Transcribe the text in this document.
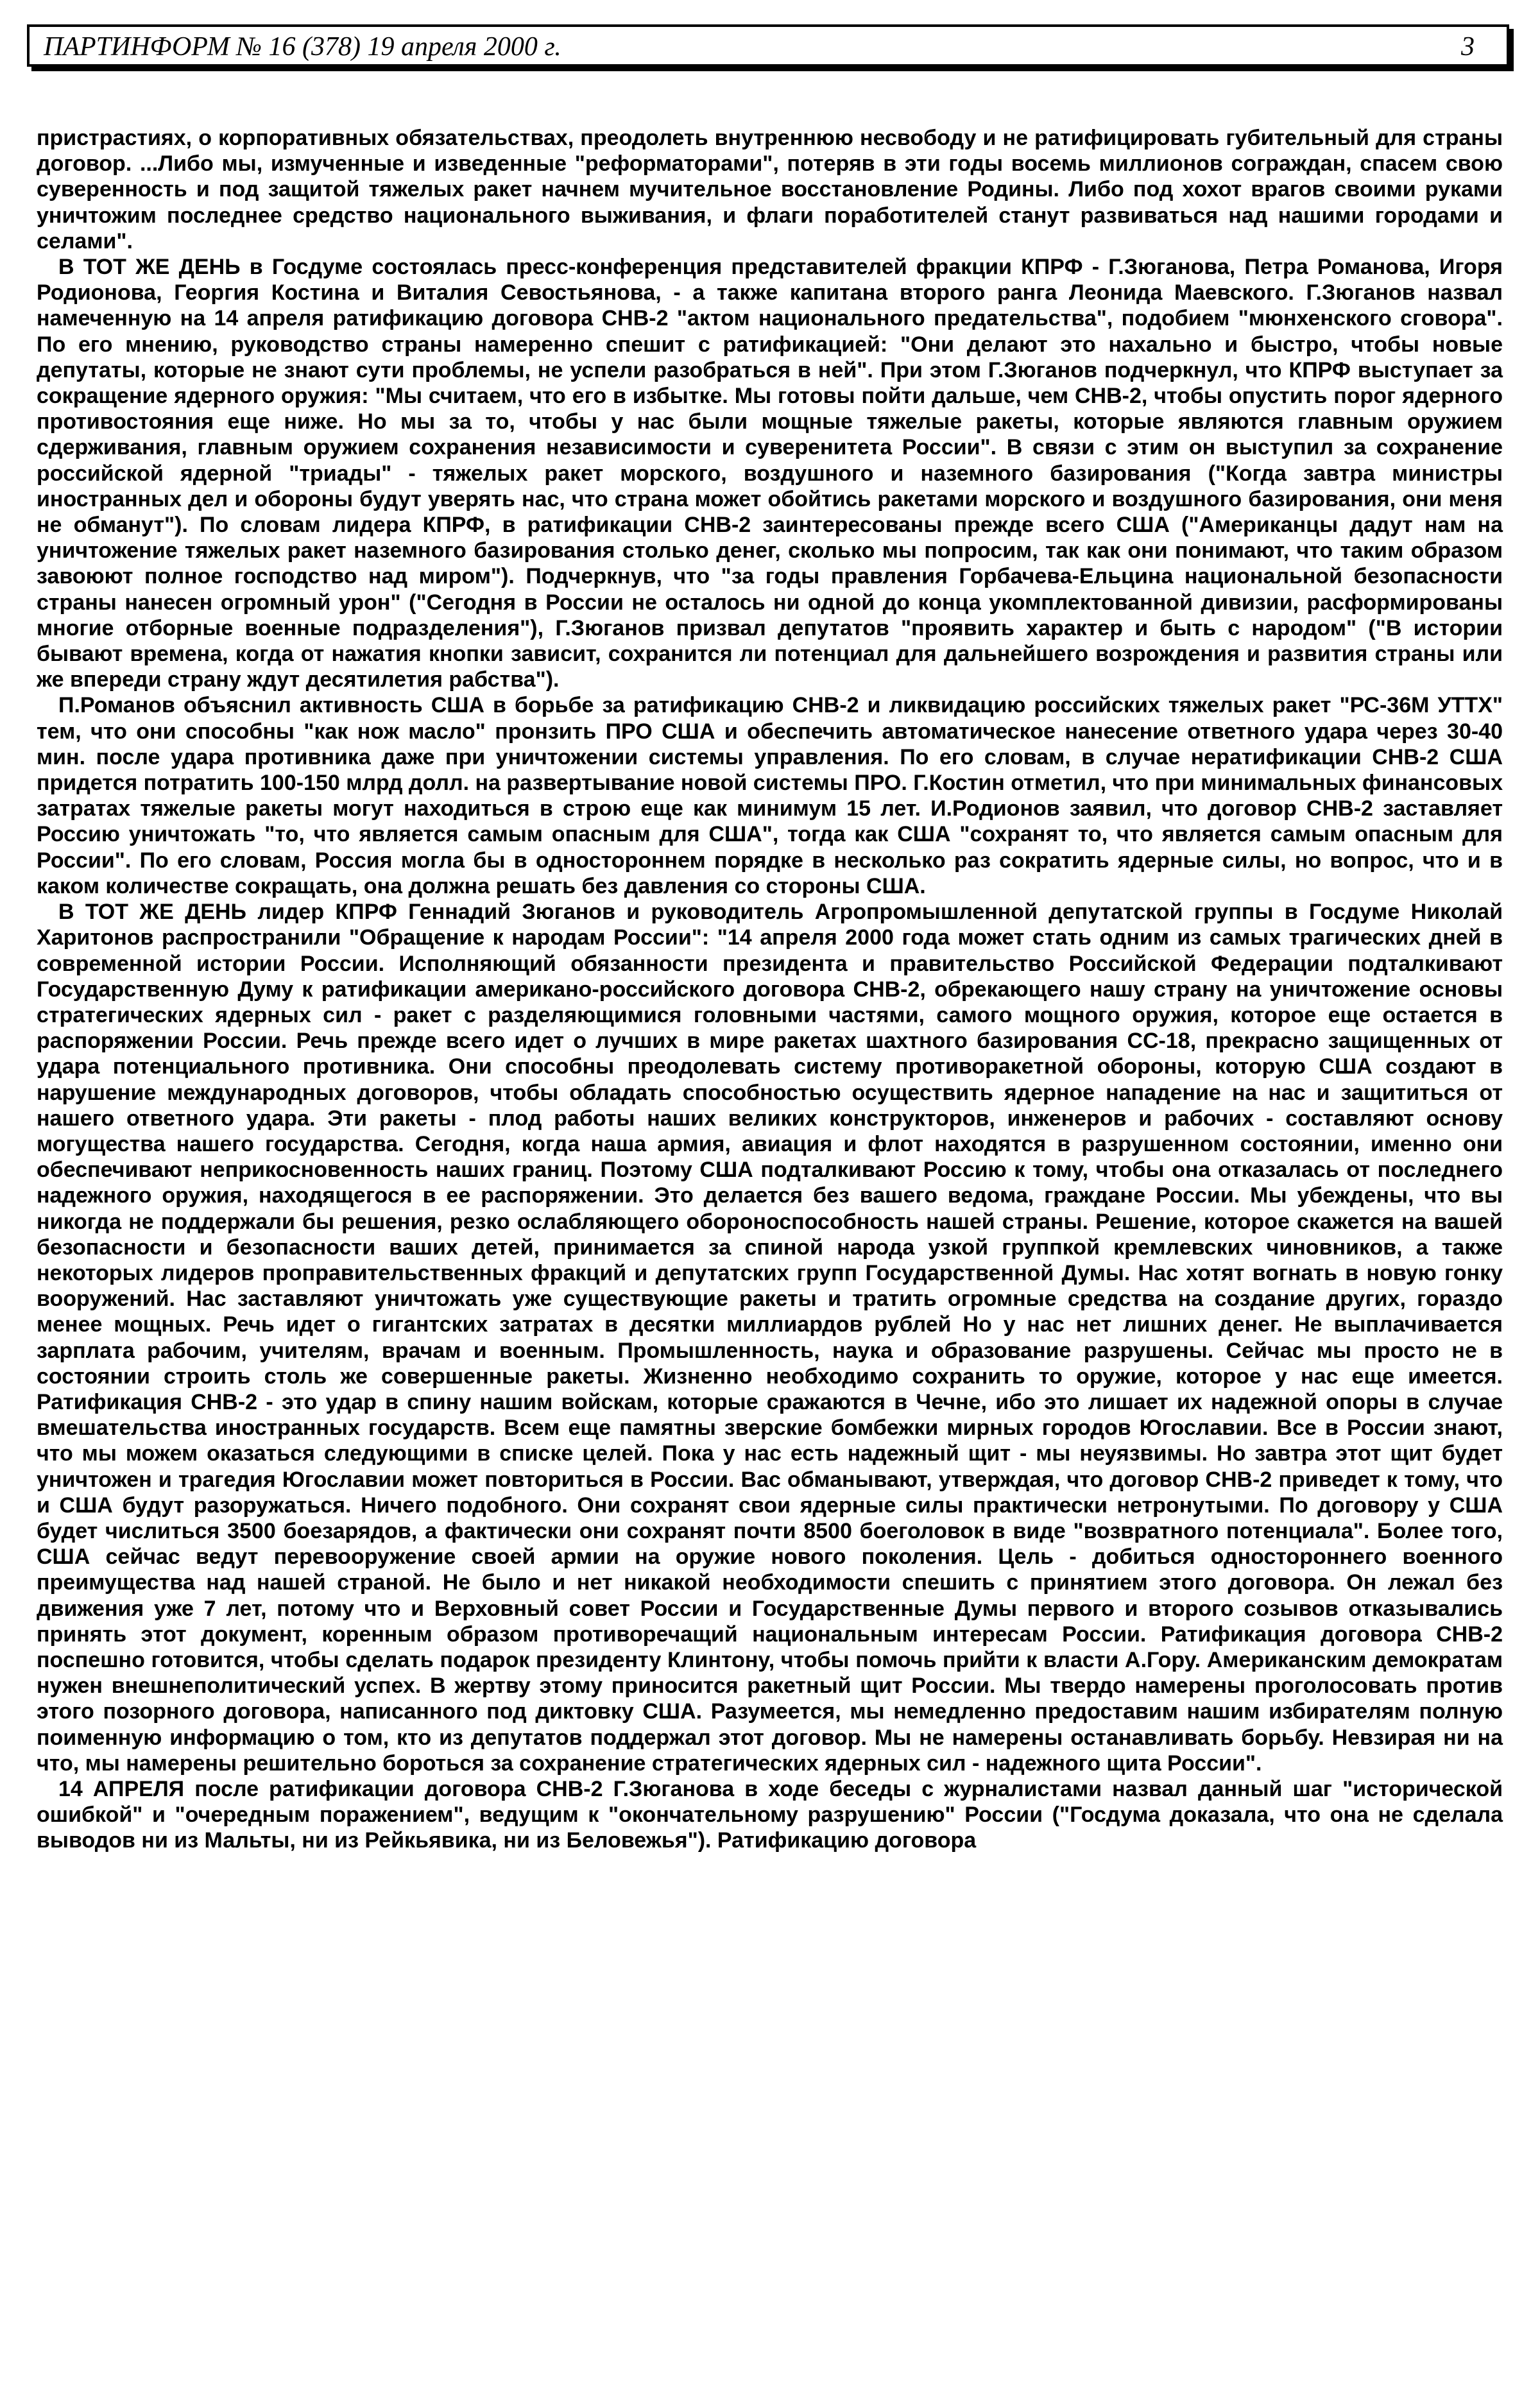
ПАРТИНФОРМ № 16 (378) 19 апреля 2000 г.	3

пристрастиях, о корпоративных обязательствах, преодолеть внутреннюю несвободу и не ратифицировать губительный для страны договор. ...Либо мы, измученные и изведенные "реформаторами", потеряв в эти годы восемь миллионов сограждан, спасем свою суверенность и под защитой тяжелых ракет начнем мучительное восстановление Родины. Либо под хохот врагов своими руками уничтожим последнее средство национального выживания, и флаги поработителей станут развиваться над нашими городами и селами".

В ТОТ ЖЕ ДЕНЬ в Госдуме состоялась пресс-конференция представителей фракции КПРФ - Г.Зюганова, Петра Романова, Игоря Родионова, Георгия Костина и Виталия Севостьянова, - а также капитана второго ранга Леонида Маевского. Г.Зюганов назвал намеченную на 14 апреля ратификацию договора СНВ-2 "актом национального предательства", подобием "мюнхенского сговора". По его мнению, руководство страны намеренно спешит с ратификацией: "Они делают это нахально и быстро, чтобы новые депутаты, которые не знают сути проблемы, не успели разобраться в ней". При этом Г.Зюганов подчеркнул, что КПРФ выступает за сокращение ядерного оружия: "Мы считаем, что его в избытке. Мы готовы пойти дальше, чем СНВ-2, чтобы опустить порог ядерного противостояния еще ниже. Но мы за то, чтобы у нас были мощные тяжелые ракеты, которые являются главным оружием сдерживания, главным оружием сохранения независимости и суверенитета России". В связи с этим он выступил за сохранение российской ядерной "триады" - тяжелых ракет морского, воздушного и наземного базирования ("Когда завтра министры иностранных дел и обороны будут уверять нас, что страна может обойтись ракетами морского и воздушного базирования, они меня не обманут"). По словам лидера КПРФ, в ратификации СНВ-2 заинтересованы прежде всего США ("Американцы дадут нам на уничтожение тяжелых ракет наземного базирования столько денег, сколько мы попросим, так как они понимают, что таким образом завоюют полное господство над миром"). Подчеркнув, что "за годы правления Горбачева-Ельцина национальной безопасности страны нанесен огромный урон" ("Сегодня в России не осталось ни одной до конца укомплектованной дивизии, расформированы многие отборные военные подразделения"), Г.Зюганов призвал депутатов "проявить характер и быть с народом" ("В истории бывают времена, когда от нажатия кнопки зависит, сохранится ли потенциал для дальнейшего возрождения и развития страны или же впереди страну ждут десятилетия рабства").

П.Романов объяснил активность США в борьбе за ратификацию СНВ-2 и ликвидацию российских тяжелых ракет "РС-36М УТТХ" тем, что они способны "как нож масло" пронзить ПРО США и обеспечить автоматическое нанесение ответного удара через 30-40 мин. после удара противника даже при уничтожении системы управления. По его словам, в случае нератификации СНВ-2 США придется потратить 100-150 млрд долл. на развертывание новой системы ПРО. Г.Костин отметил, что при минимальных финансовых затратах тяжелые ракеты могут находиться в строю еще как минимум 15 лет. И.Родионов заявил, что договор СНВ-2 заставляет Россию уничтожать "то, что является самым опасным для США", тогда как США "сохранят то, что является самым опасным для России". По его словам, Россия могла бы в одностороннем порядке в несколько раз сократить ядерные силы, но вопрос, что и в каком количестве сокращать, она должна решать без давления со стороны США.

В ТОТ ЖЕ ДЕНЬ лидер КПРФ Геннадий Зюганов и руководитель Агропромышленной депутатской группы в Госдуме Николай Харитонов распространили "Обращение к народам России": "14 апреля 2000 года может стать одним из самых трагических дней в современной истории России. Исполняющий обязанности президента и правительство Российской Федерации подталкивают Государственную Думу к ратификации американо-российского договора СНВ-2, обрекающего нашу страну на уничтожение основы стратегических ядерных сил - ракет с разделяющимися головными частями, самого мощного оружия, которое еще остается в распоряжении России. Речь прежде всего идет о лучших в мире ракетах шахтного базирования СС-18, прекрасно защищенных от удара потенциального противника. Они способны преодолевать систему противоракетной обороны, которую США создают в нарушение международных договоров, чтобы обладать способностью осуществить ядерное нападение на нас и защититься от нашего ответного удара. Эти ракеты - плод работы наших великих конструкторов, инженеров и рабочих - составляют основу могущества нашего государства. Сегодня, когда наша армия, авиация и флот находятся в разрушенном состоянии, именно они обеспечивают неприкосновенность наших границ. Поэтому США подталкивают Россию к тому, чтобы она отказалась от последнего надежного оружия, находящегося в ее распоряжении. Это делается без вашего ведома, граждане России. Мы убеждены, что вы никогда не поддержали бы решения, резко ослабляющего обороноспособность нашей страны. Решение, которое скажется на вашей безопасности и безопасности ваших детей, принимается за спиной народа узкой группкой кремлевских чиновников, а также некоторых лидеров проправительственных фракций и депутатских групп Государственной Думы. Нас хотят вогнать в новую гонку вооружений. Нас заставляют уничтожать уже существующие ракеты и тратить огромные средства на создание других, гораздо менее мощных. Речь идет о гигантских затратах в десятки миллиардов рублей Но у нас нет лишних денег. Не выплачивается зарплата рабочим, учителям, врачам и военным. Промышленность, наука и образование разрушены. Сейчас мы просто не в состоянии строить столь же совершенные ракеты. Жизненно необходимо сохранить то оружие, которое у нас еще имеется. Ратификация СНВ-2 - это удар в спину нашим войскам, которые сражаются в Чечне, ибо это лишает их надежной опоры в случае вмешательства иностранных государств. Всем еще памятны зверские бомбежки мирных городов Югославии. Все в России знают, что мы можем оказаться следующими в списке целей. Пока у нас есть надежный щит - мы неуязвимы. Но завтра этот щит будет уничтожен и трагедия Югославии может повториться в России. Вас обманывают, утверждая, что договор СНВ-2 приведет к тому, что и США будут разоружаться. Ничего подобного. Они сохранят свои ядерные силы практически нетронутыми. По договору у США будет числиться 3500 боезарядов, а фактически они сохранят почти 8500 боеголовок в виде "возвратного потенциала". Более того, США сейчас ведут перевооружение своей армии на оружие нового поколения. Цель - добиться одностороннего военного преимущества над нашей страной. Не было и нет никакой необходимости спешить с принятием этого договора. Он лежал без движения уже 7 лет, потому что и Верховный совет России и Государственные Думы первого и второго созывов отказывались принять этот документ, коренным образом противоречащий национальным интересам России. Ратификация договора СНВ-2 поспешно готовится, чтобы сделать подарок президенту Клинтону, чтобы помочь прийти к власти А.Гору. Американским демократам нужен внешнеполитический успех. В жертву этому приносится ракетный щит России. Мы твердо намерены проголосовать против этого позорного договора, написанного под диктовку США. Разумеется, мы немедленно предоставим нашим избирателям полную поименную информацию о том, кто из депутатов поддержал этот договор. Мы не намерены останавливать борьбу. Невзирая ни на что, мы намерены решительно бороться за сохранение стратегических ядерных сил - надежного щита России".

14 АПРЕЛЯ после ратификации договора СНВ-2 Г.Зюганова в ходе беседы с журналистами назвал данный шаг "исторической ошибкой" и "очередным поражением", ведущим к "окончательному разрушению" России ("Госдума доказала, что она не сделала выводов ни из Мальты, ни из Рейкьявика, ни из Беловежья"). Ратификацию договора
